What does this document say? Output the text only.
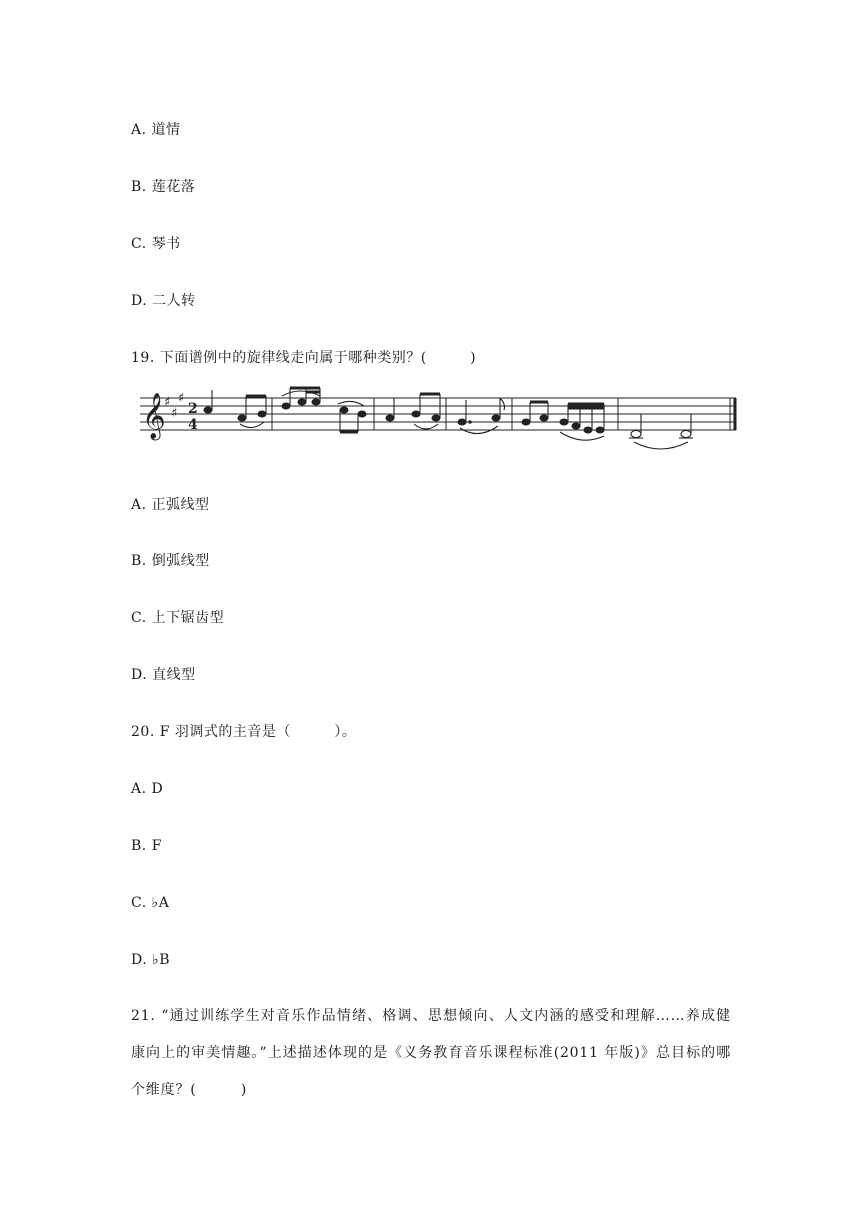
A. 道情
B. 莲花落
C. 琴书
D. 二人转
19. 下面谱例中的旋律线走向属于哪种类别？(　　　)
𝄞
♯
♯
♯
2
4
A. 正弧线型
B. 倒弧线型
C. 上下锯齿型
D. 直线型
20. F 羽调式的主音是（　　　）。
A. D
B. F
C. ♭A
D. ♭B
21. “通过训练学生对音乐作品情绪、格调、思想倾向、人文内涵的感受和理解……养成健康向上的审美情趣。”上述描述体现的是《义务教育音乐课程标准(2011 年版)》总目标的哪个维度？(　　　)
